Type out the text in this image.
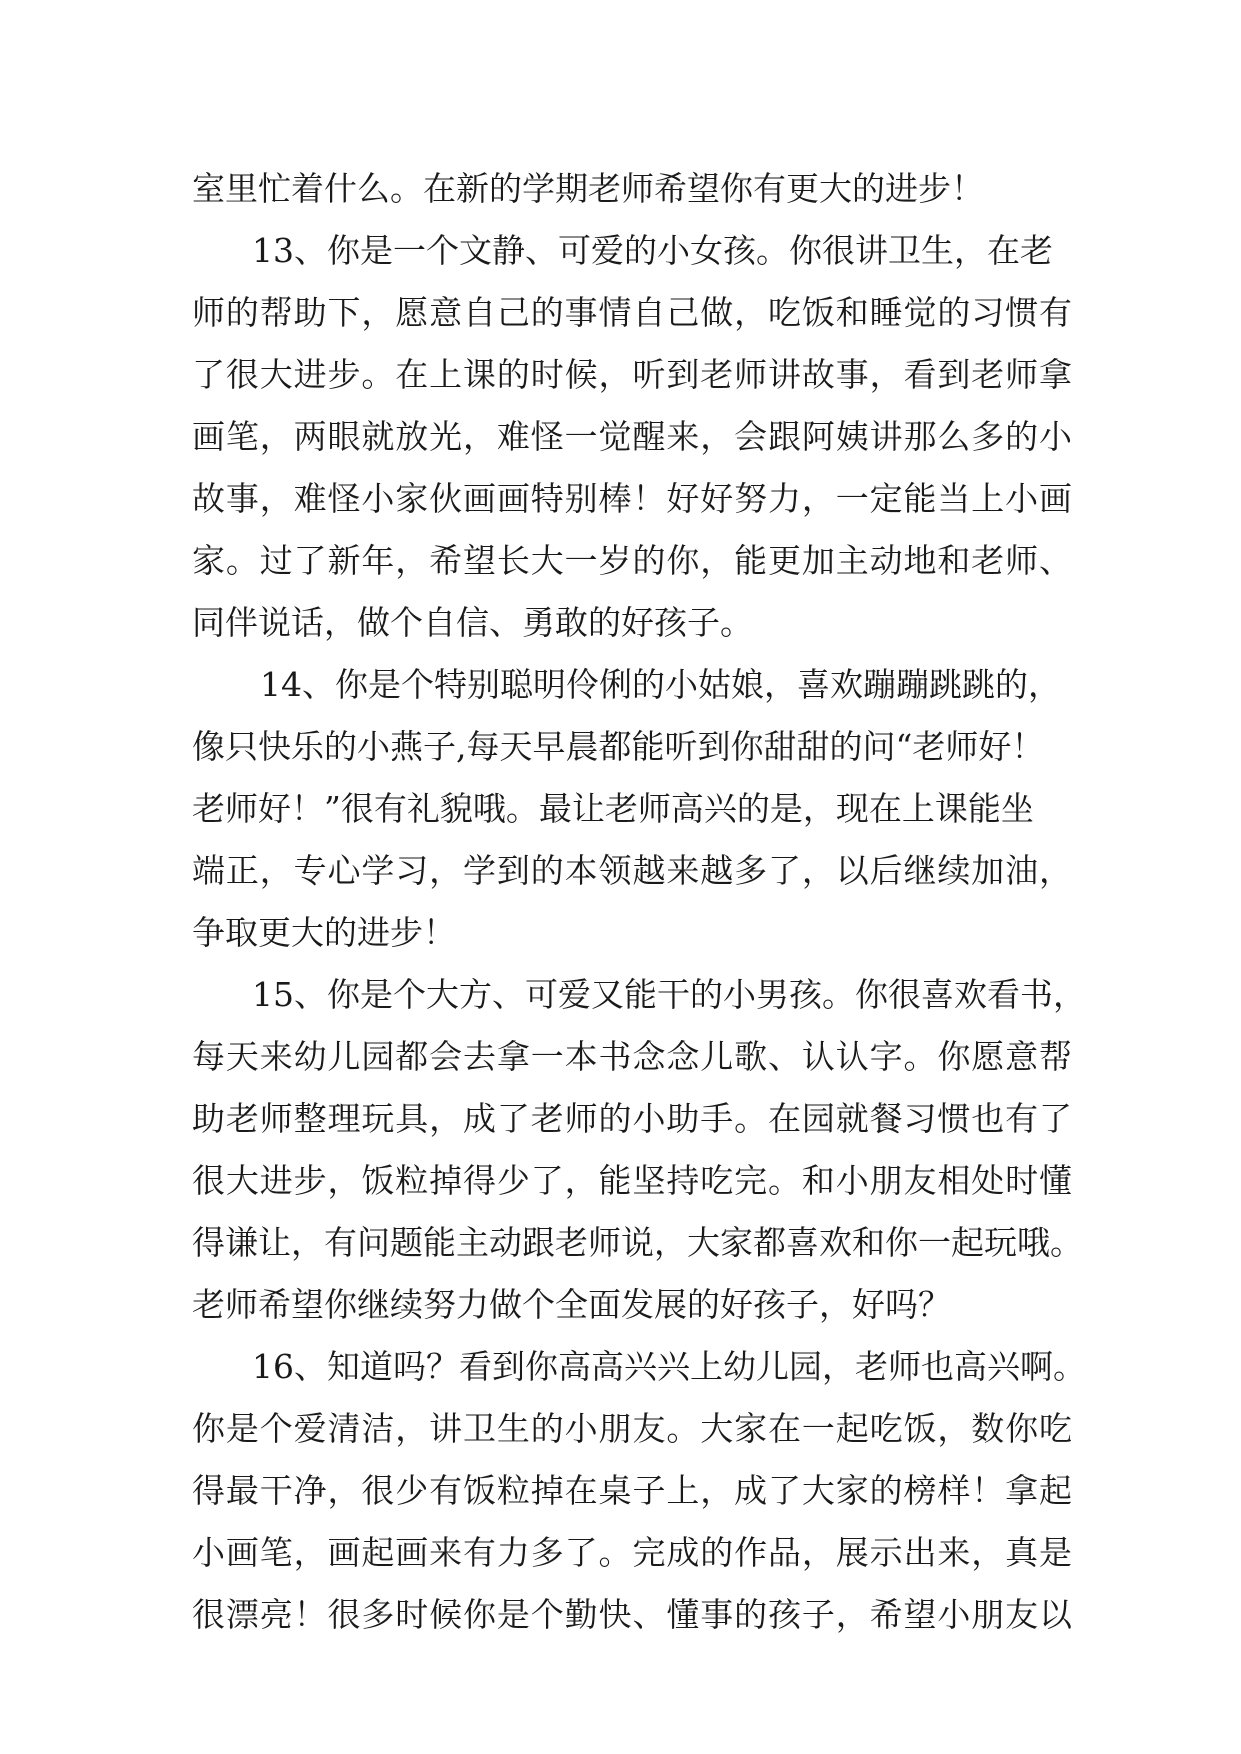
室里忙着什么。在新的学期老师希望你有更大的进步！
13、你是一个文静、可爱的小女孩。你很讲卫生，在老
师的帮助下，愿意自己的事情自己做，吃饭和睡觉的习惯有
了很大进步。在上课的时候，听到老师讲故事，看到老师拿
画笔，两眼就放光，难怪一觉醒来，会跟阿姨讲那么多的小
故事，难怪小家伙画画特别棒！好好努力，一定能当上小画
家。过了新年，希望长大一岁的你，能更加主动地和老师、
同伴说话，做个自信、勇敢的好孩子。
14、你是个特别聪明伶俐的小姑娘，喜欢蹦蹦跳跳的，
像只快乐的小燕子,每天早晨都能听到你甜甜的问“老师好！
老师好！”很有礼貌哦。最让老师高兴的是，现在上课能坐
端正，专心学习，学到的本领越来越多了，以后继续加油，
争取更大的进步！
15、你是个大方、可爱又能干的小男孩。你很喜欢看书，
每天来幼儿园都会去拿一本书念念儿歌、认认字。你愿意帮
助老师整理玩具，成了老师的小助手。在园就餐习惯也有了
很大进步，饭粒掉得少了，能坚持吃完。和小朋友相处时懂
得谦让，有问题能主动跟老师说，大家都喜欢和你一起玩哦。
老师希望你继续努力做个全面发展的好孩子，好吗？
16、知道吗？看到你高高兴兴上幼儿园，老师也高兴啊。
你是个爱清洁，讲卫生的小朋友。大家在一起吃饭，数你吃
得最干净，很少有饭粒掉在桌子上，成了大家的榜样！拿起
小画笔，画起画来有力多了。完成的作品，展示出来，真是
很漂亮！很多时候你是个勤快、懂事的孩子，希望小朋友以
